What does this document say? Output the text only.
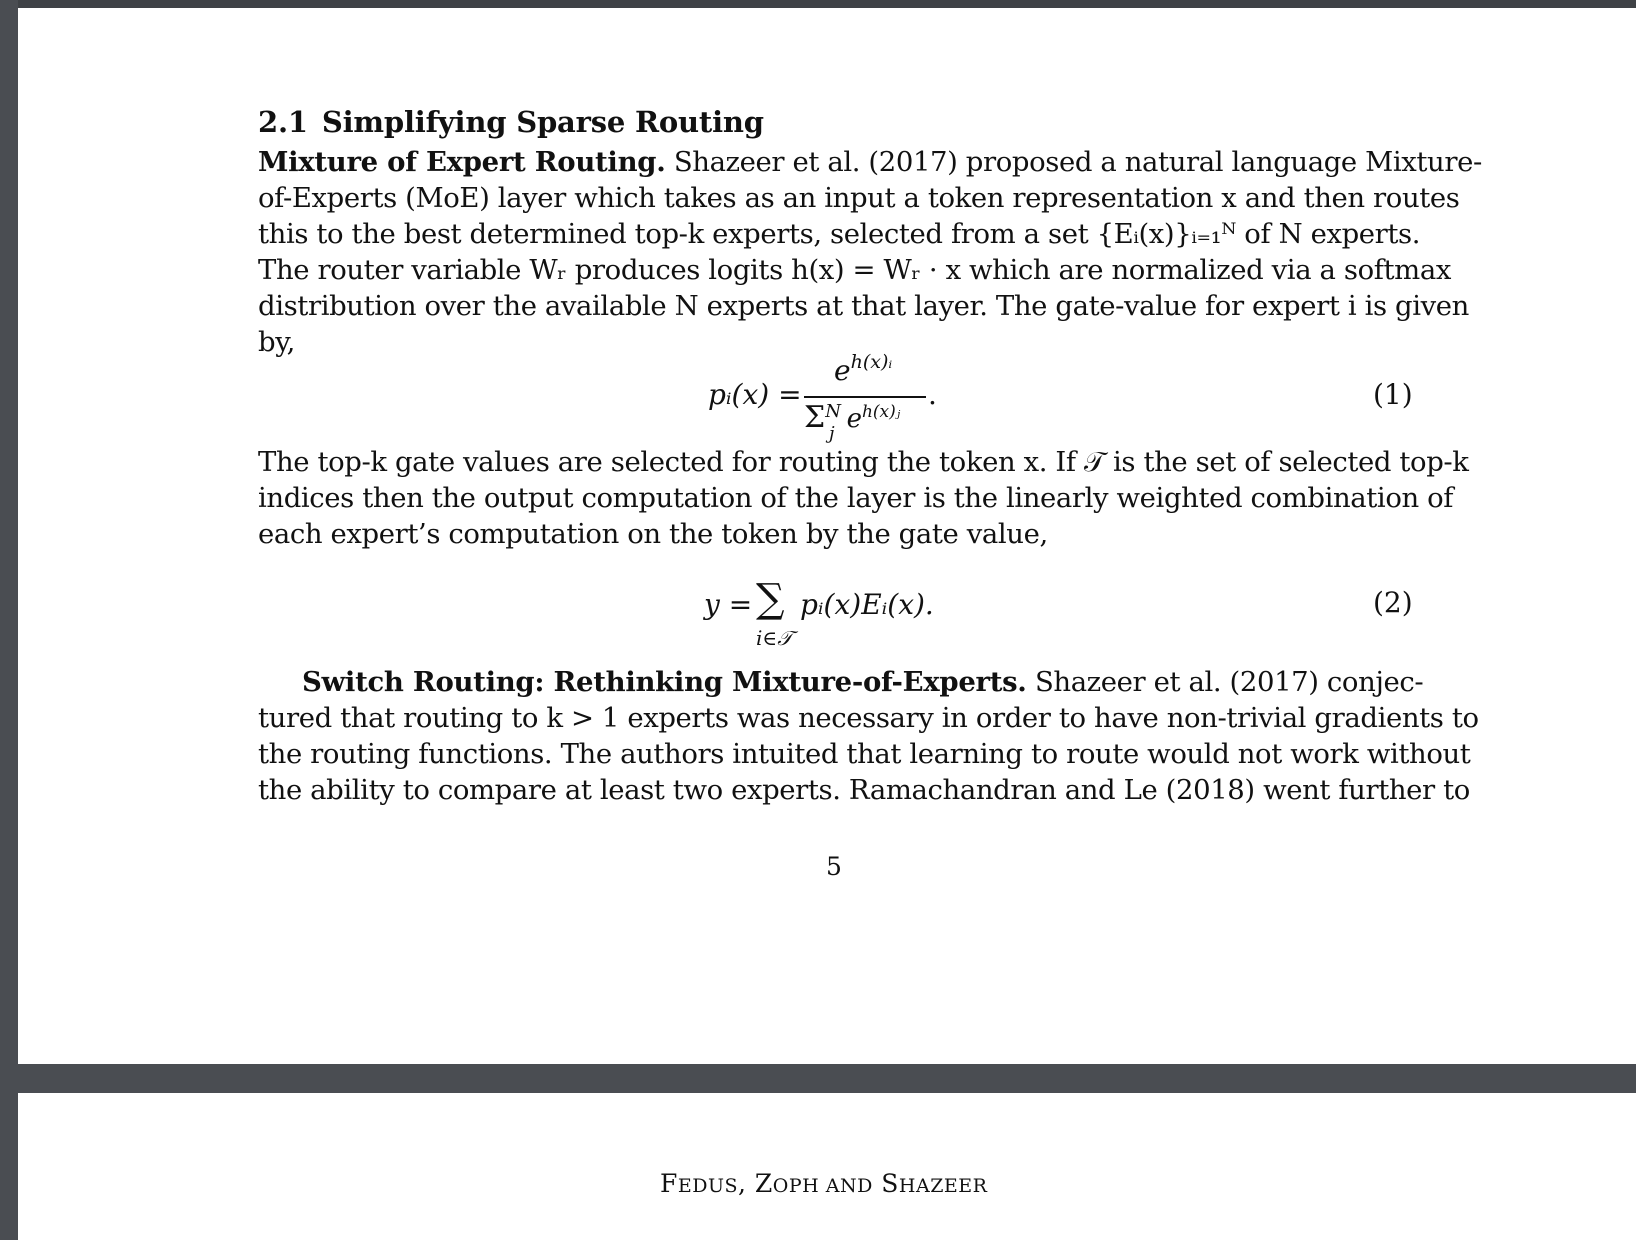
2.1 Simplifying Sparse Routing
Mixture of Expert Routing. Shazeer et al. (2017) proposed a natural language Mixture-
of-Experts (MoE) layer which takes as an input a token representation x and then routes
this to the best determined top-k experts, selected from a set {Eᵢ(x)}ᵢ₌₁ᴺ of N experts.
The router variable Wᵣ produces logits h(x) = Wᵣ · x which are normalized via a softmax
distribution over the available N experts at that layer. The gate-value for expert i is given
by,
pᵢ(x) =
$e^{h(x)ᵢ}$
$\Sigma^N_j$ $e^{h(x)ⱼ}$
.	(1)
The top-k gate values are selected for routing the token x. If 𝒯 is the set of selected top-k
indices then the output computation of the layer is the linearly weighted combination of
each expert’s computation on the token by the gate value,
y = ∑
i∈𝒯
pᵢ(x)Eᵢ(x).	(2)
Switch Routing: Rethinking Mixture-of-Experts. Shazeer et al. (2017) conjec-
tured that routing to k > 1 experts was necessary in order to have non-trivial gradients to
the routing functions. The authors intuited that learning to route would not work without
the ability to compare at least two experts. Ramachandran and Le (2018) went further to
5
FEDUS, ZOPH AND SHAZEER
